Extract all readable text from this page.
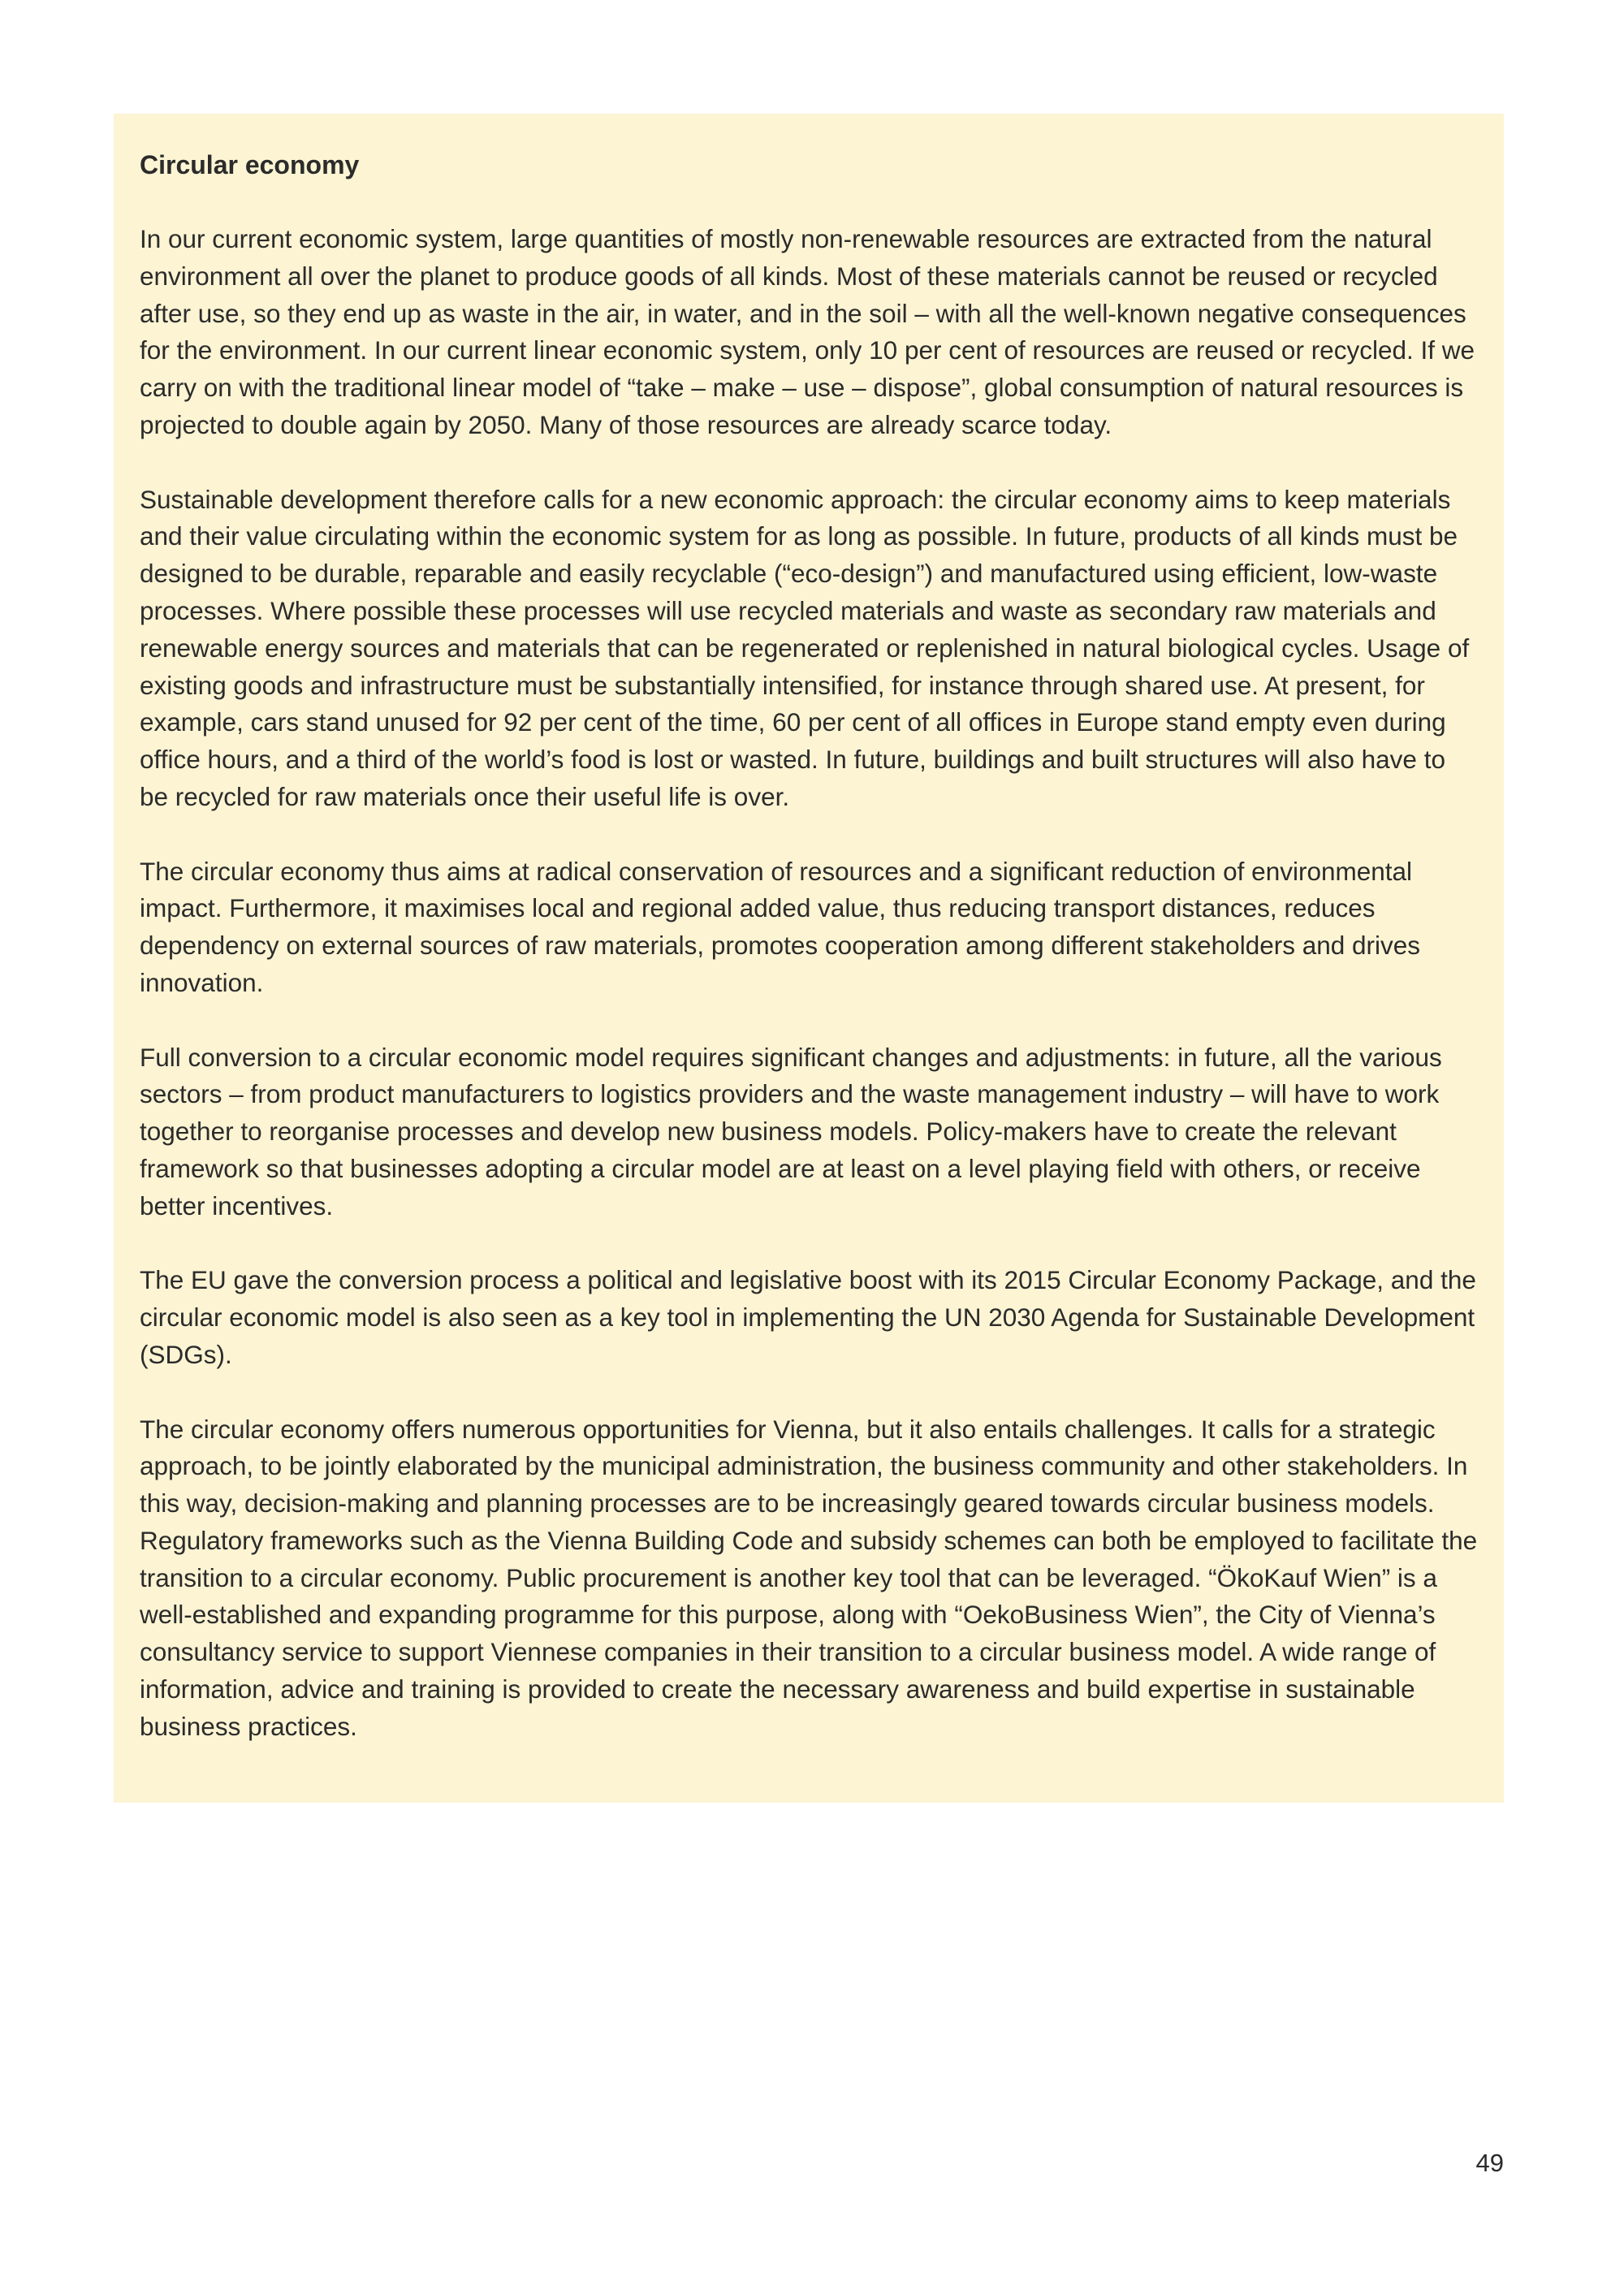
Circular economy

In our current economic system, large quantities of mostly non-renewable resources are extracted from the natural environment all over the planet to produce goods of all kinds. Most of these materials cannot be reused or recycled after use, so they end up as waste in the air, in water, and in the soil – with all the well-known negative consequences for the environment. In our current linear economic system, only 10 per cent of resources are reused or recycled. If we carry on with the traditional linear model of “take – make – use – dispose”, global consumption of natural resources is projected to double again by 2050. Many of those resources are already scarce today.

Sustainable development therefore calls for a new economic approach: the circular economy aims to keep materials and their value circulating within the economic system for as long as possible. In future, products of all kinds must be designed to be durable, reparable and easily recyclable (“eco-design”) and manufactured using efficient, low-waste processes. Where possible these processes will use recycled materials and waste as secondary raw materials and renewable energy sources and materials that can be regenerated or replenished in natural biological cycles. Usage of existing goods and infrastructure must be substantially intensified, for instance through shared use. At present, for example, cars stand unused for 92 per cent of the time, 60 per cent of all offices in Europe stand empty even during office hours, and a third of the world’s food is lost or wasted. In future, buildings and built structures will also have to be recycled for raw materials once their useful life is over.

The circular economy thus aims at radical conservation of resources and a significant reduction of environmental impact. Furthermore, it maximises local and regional added value, thus reducing transport distances, reduces dependency on external sources of raw materials, promotes cooperation among different stakeholders and drives innovation.

Full conversion to a circular economic model requires significant changes and adjustments: in future, all the various sectors – from product manufacturers to logistics providers and the waste management industry – will have to work together to reorganise processes and develop new business models. Policy-makers have to create the relevant framework so that businesses adopting a circular model are at least on a level playing field with others, or receive better incentives.

The EU gave the conversion process a political and legislative boost with its 2015 Circular Economy Package, and the circular economic model is also seen as a key tool in implementing the UN 2030 Agenda for Sustainable Development (SDGs).

The circular economy offers numerous opportunities for Vienna, but it also entails challenges. It calls for a strategic approach, to be jointly elaborated by the municipal administration, the business community and other stakeholders. In this way, decision-making and planning processes are to be increasingly geared towards circular business models. Regulatory frameworks such as the Vienna Building Code and subsidy schemes can both be employed to facilitate the transition to a circular economy. Public procurement is another key tool that can be leveraged. “ÖkoKauf Wien” is a well-established and expanding programme for this purpose, along with “OekoBusiness Wien”, the City of Vienna’s consultancy service to support Viennese companies in their transition to a circular business model. A wide range of information, advice and training is provided to create the necessary awareness and build expertise in sustainable business practices.

49
